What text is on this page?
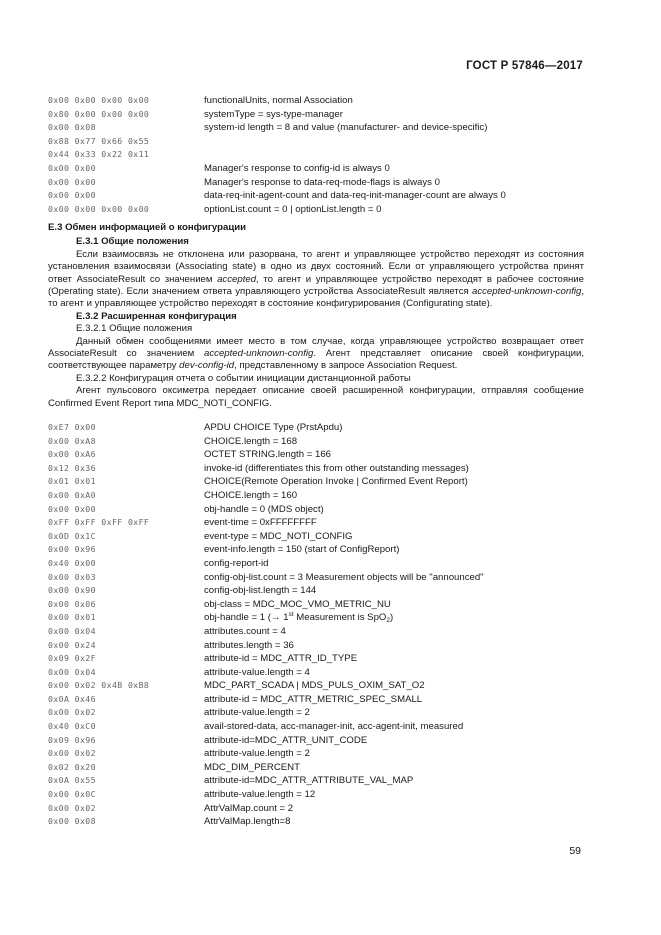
ГОСТ Р 57846—2017
0x00 0x00 0x00 0x00	functionalUnits, normal Association
0x80 0x00 0x00 0x00	systemType = sys-type-manager
0x00 0x08	system-id length = 8 and value (manufacturer- and device-specific)
0x88 0x77 0x66 0x55
0x44 0x33 0x22 0x11
0x00 0x00	Manager's response to config-id is always 0
0x00 0x00	Manager's response to data-req-mode-flags is always 0
0x00 0x00	data-req-init-agent-count and data-req-init-manager-count are always 0
0x00 0x00 0x00 0x00	optionList.count = 0 | optionList.length = 0
Е.3 Обмен информацией о конфигурации
Е.3.1 Общие положения
Если взаимосвязь не отклонена или разорвана, то агент и управляющее устройство переходят из состояния установления взаимосвязи (Associating state) в одно из двух состояний. Если от управляющего устройства принят ответ AssociateResult со значением accepted, то агент и управляющее устройство переходят в рабочее состояние (Operating state). Если значением ответа управляющего устройства AssociateResult является accepted-unknown-config, то агент и управляющее устройство переходят в состояние конфигурирования (Configurating state).
Е.3.2 Расширенная конфигурация
Е.3.2.1 Общие положения
Данный обмен сообщениями имеет место в том случае, когда управляющее устройство возвращает ответ AssociateResult со значением accepted-unknown-config. Агент представляет описание своей конфигурации, соответствующее параметру dev-config-id, представленному в запросе Association Request.
Е.3.2.2 Конфигурация отчета о событии инициации дистанционной работы
Агент пульсового оксиметра передает описание своей расширенной конфигурации, отправляя сообщение Confirmed Event Report типа MDC_NOTI_CONFIG.
0xE7 0x00	APDU CHOICE Type (PrstApdu)
0x00 0xA8	CHOICE.length = 168
0x00 0xA6	OCTET STRING.length = 166
0x12 0x36	invoke-id (differentiates this from other outstanding messages)
0x01 0x01	CHOICE(Remote Operation Invoke | Confirmed Event Report)
0x00 0xA0	CHOICE.length = 160
0x00 0x00	obj-handle = 0 (MDS object)
0xFF 0xFF 0xFF 0xFF	event-time = 0xFFFFFFFF
0x0D 0x1C	event-type = MDC_NOTI_CONFIG
0x00 0x96	event-info.length = 150 (start of ConfigReport)
0x40 0x00	config-report-id
0x00 0x03	config-obj-list.count = 3 Measurement objects will be "announced"
0x00 0x90	config-obj-list.length = 144
0x00 0x06	obj-class = MDC_MOC_VMO_METRIC_NU
0x00 0x01	obj-handle = 1 (→ 1st Measurement is SpO$_2$)
0x00 0x04	attributes.count = 4
0x00 0x24	attributes.length = 36
0x09 0x2F	attribute-id = MDC_ATTR_ID_TYPE
0x00 0x04	attribute-value.length = 4
0x00 0x02 0x4B 0xB8	MDC_PART_SCADA | MDS_PULS_OXIM_SAT_O2
0x0A 0x46	attribute-id = MDC_ATTR_METRIC_SPEC_SMALL
0x00 0x02	attribute-value.length = 2
0x40 0xC0	avail-stored-data, acc-manager-init, acc-agent-init, measured
0x09 0x96	attribute-id=MDC_ATTR_UNIT_CODE
0x00 0x02	attribute-value.length = 2
0x02 0x20	MDC_DIM_PERCENT
0x0A 0x55	attribute-id=MDC_ATTR_ATTRIBUTE_VAL_MAP
0x00 0x0C	attribute-value.length = 12
0x00 0x02	AttrValMap.count = 2
0x00 0x08	AttrValMap.length=8
59
